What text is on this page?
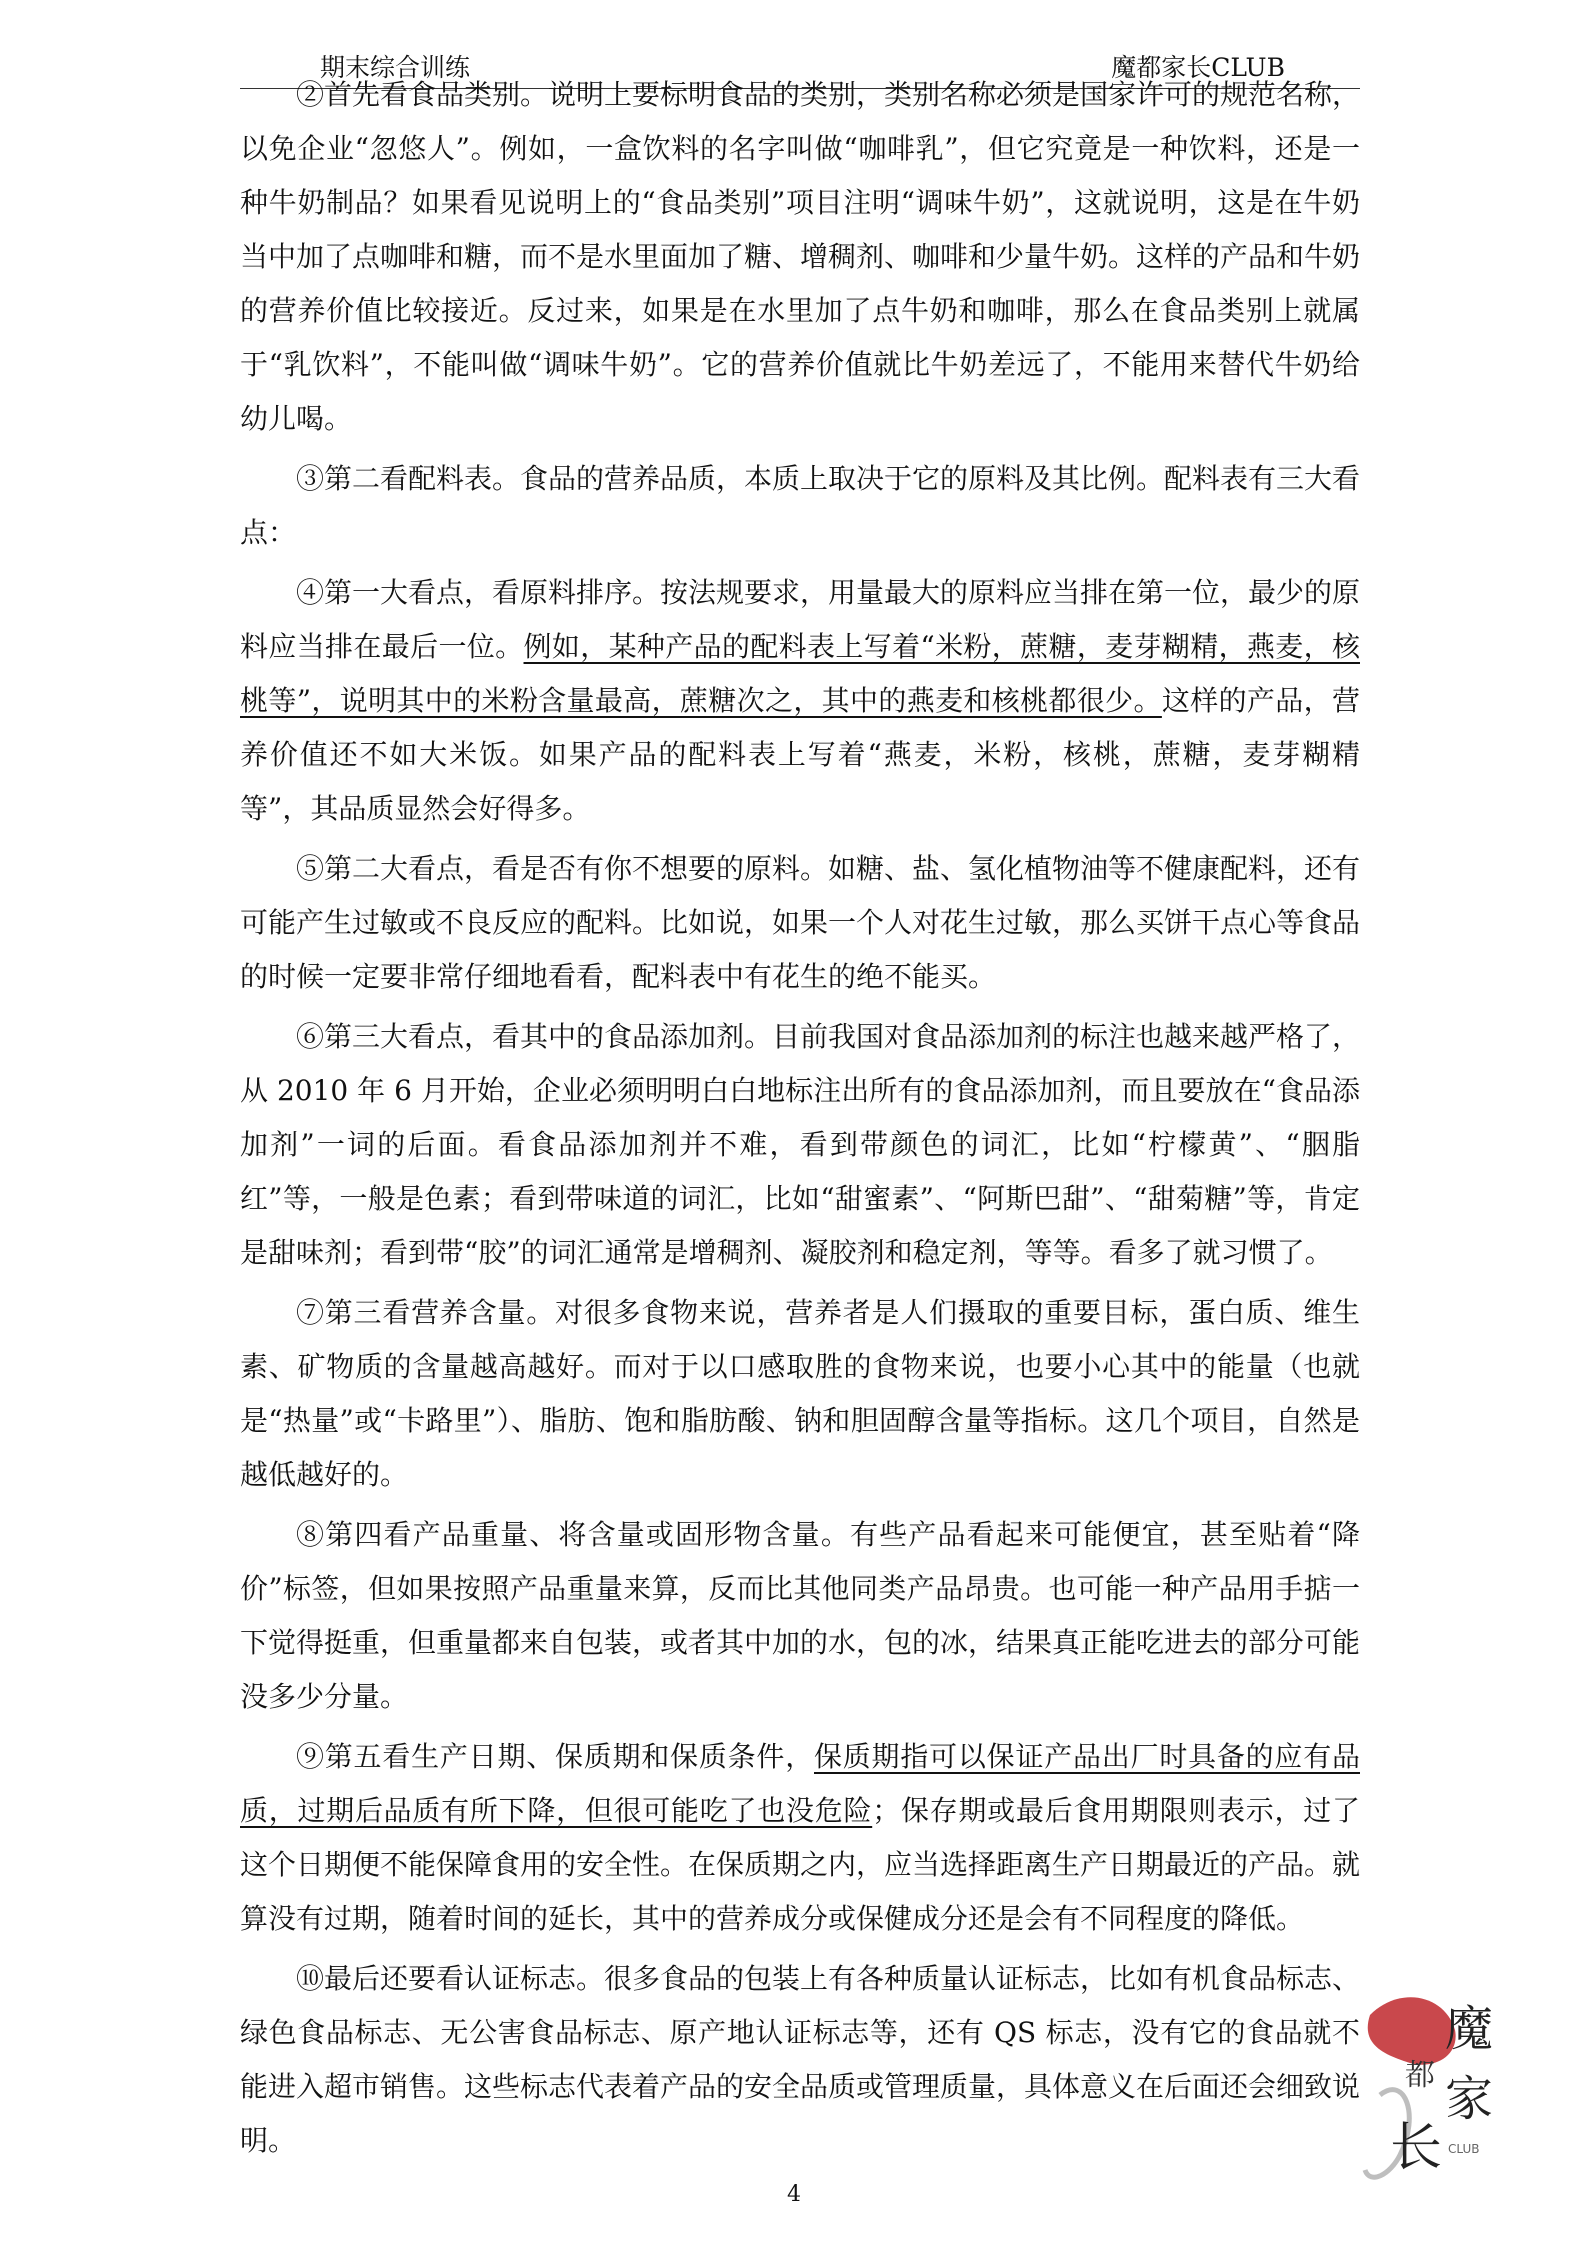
期末综合训练	魔都家长CLUB

②首先看食品类别。说明上要标明食品的类别，类别名称必须是国家许可的规范名称，以免企业“忽悠人”。例如，一盒饮料的名字叫做“咖啡乳”，但它究竟是一种饮料，还是一种牛奶制品？如果看见说明上的“食品类别”项目注明“调味牛奶”，这就说明，这是在牛奶当中加了点咖啡和糖，而不是水里面加了糖、增稠剂、咖啡和少量牛奶。这样的产品和牛奶的营养价值比较接近。反过来，如果是在水里加了点牛奶和咖啡，那么在食品类别上就属于“乳饮料”，不能叫做“调味牛奶”。它的营养价值就比牛奶差远了，不能用来替代牛奶给幼儿喝。

③第二看配料表。食品的营养品质，本质上取决于它的原料及其比例。配料表有三大看点：

④第一大看点，看原料排序。按法规要求，用量最大的原料应当排在第一位，最少的原料应当排在最后一位。例如，某种产品的配料表上写着“米粉，蔗糖，麦芽糊精，燕麦，核桃等”，说明其中的米粉含量最高，蔗糖次之，其中的燕麦和核桃都很少。这样的产品，营养价值还不如大米饭。如果产品的配料表上写着“燕麦，米粉，核桃，蔗糖，麦芽糊精等”，其品质显然会好得多。

⑤第二大看点，看是否有你不想要的原料。如糖、盐、氢化植物油等不健康配料，还有可能产生过敏或不良反应的配料。比如说，如果一个人对花生过敏，那么买饼干点心等食品的时候一定要非常仔细地看看，配料表中有花生的绝不能买。

⑥第三大看点，看其中的食品添加剂。目前我国对食品添加剂的标注也越来越严格了，从 2010 年 6 月开始，企业必须明明白白地标注出所有的食品添加剂，而且要放在“食品添加剂”一词的后面。看食品添加剂并不难，看到带颜色的词汇，比如“柠檬黄”、“胭脂红”等，一般是色素；看到带味道的词汇，比如“甜蜜素”、“阿斯巴甜”、“甜菊糖”等，肯定是甜味剂；看到带“胶”的词汇通常是增稠剂、凝胶剂和稳定剂，等等。看多了就习惯了。

⑦第三看营养含量。对很多食物来说，营养者是人们摄取的重要目标，蛋白质、维生素、矿物质的含量越高越好。而对于以口感取胜的食物来说，也要小心其中的能量（也就是“热量”或“卡路里”）、脂肪、饱和脂肪酸、钠和胆固醇含量等指标。这几个项目，自然是越低越好的。

⑧第四看产品重量、将含量或固形物含量。有些产品看起来可能便宜，甚至贴着“降价”标签，但如果按照产品重量来算，反而比其他同类产品昂贵。也可能一种产品用手掂一下觉得挺重，但重量都来自包装，或者其中加的水，包的冰，结果真正能吃进去的部分可能没多少分量。

⑨第五看生产日期、保质期和保质条件，保质期指可以保证产品出厂时具备的应有品质，过期后品质有所下降，但很可能吃了也没危险；保存期或最后食用期限则表示，过了这个日期便不能保障食用的安全性。在保质期之内，应当选择距离生产日期最近的产品。就算没有过期，随着时间的延长，其中的营养成分或保健成分还是会有不同程度的降低。

⑩最后还要看认证标志。很多食品的包装上有各种质量认证标志，比如有机食品标志、绿色食品标志、无公害食品标志、原产地认证标志等，还有 QS 标志，没有它的食品就不能进入超市销售。这些标志代表着产品的安全品质或管理质量，具体意义在后面还会细致说明。

4
魔
都 家
长 CLUB
